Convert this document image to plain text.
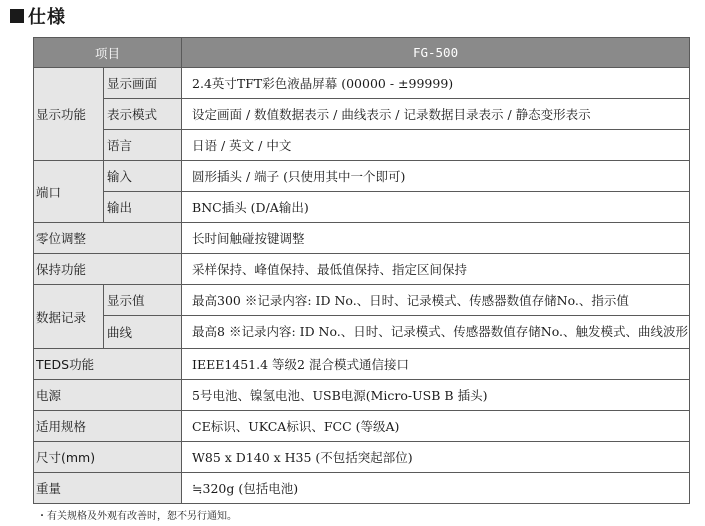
仕様
项目		FG-500
显示功能	显示画面	2.4英寸TFT彩色液晶屏幕 (00000 - ±99999)
	表示模式	设定画面 / 数值数据表示 / 曲线表示 / 记录数据目录表示 / 静态变形表示
	语言	日语 / 英文 / 中文
端口	输入	圆形插头 / 端子 (只使用其中一个即可)
	输出	BNC插头 (D/A输出)
零位调整		长时间触碰按键调整
保持功能		采样保持、峰值保持、最低值保持、指定区间保持
数据记录	显示值	最高300 ※记录内容: ID No.、日时、记录模式、传感器数值存储No.、指示值
	曲线	最高8 ※记录内容: ID No.、日时、记录模式、传感器数值存储No.、触发模式、曲线波形
TEDS功能		IEEE1451.4 等级2 混合模式通信接口
电源		5号电池、镍氢电池、USB电源(Micro-USB B 插头)
适用规格		CE标识、UKCA标识、FCC (等级A)
尺寸(mm)		W85 x D140 x H35 (不包括突起部位)
重量		≒320g (包括电池)
・有关规格及外观有改善时，恕不另行通知。
